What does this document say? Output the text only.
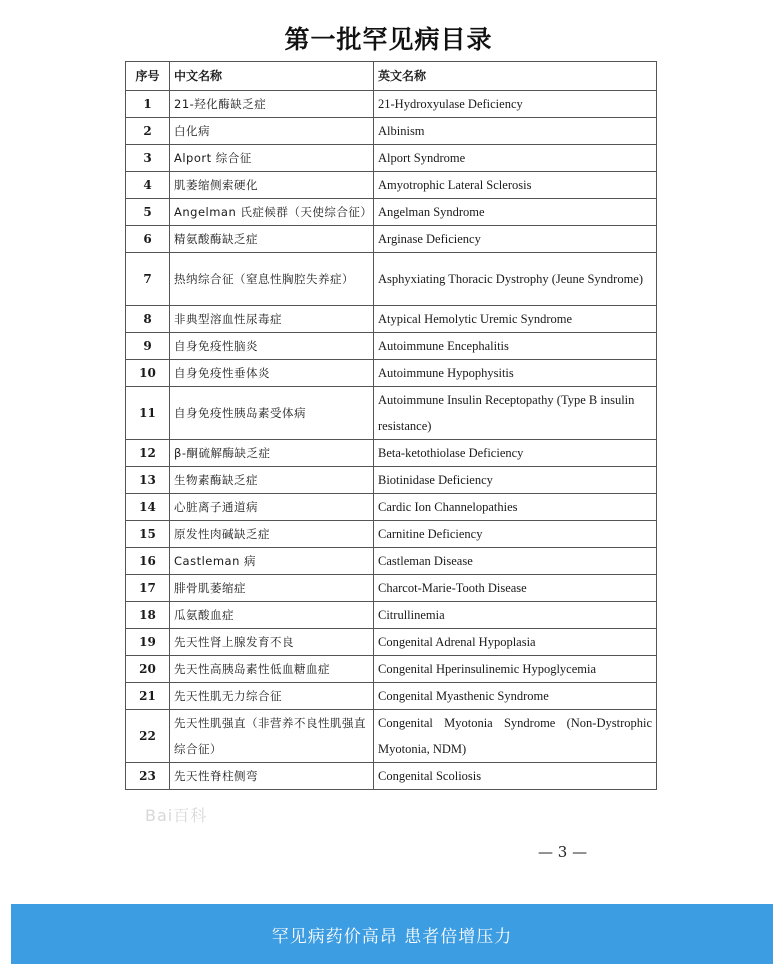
第一批罕见病目录
序号	中文名称	英文名称
1	21-羟化酶缺乏症	21-Hydroxyulase Deficiency
2	白化病	Albinism
3	Alport 综合征	Alport Syndrome
4	肌萎缩侧索硬化	Amyotrophic Lateral Sclerosis
5	Angelman 氏症候群（天使综合征）	Angelman Syndrome
6	精氨酸酶缺乏症	Arginase Deficiency
7	热纳综合征（窒息性胸腔失养症）	Asphyxiating Thoracic Dystrophy (Jeune Syndrome)
8	非典型溶血性尿毒症	Atypical Hemolytic Uremic Syndrome
9	自身免疫性脑炎	Autoimmune Encephalitis
10	自身免疫性垂体炎	Autoimmune Hypophysitis
11	自身免疫性胰岛素受体病	Autoimmune Insulin Receptopathy (Type B insulin resistance)
12	β-酮硫解酶缺乏症	Beta-ketothiolase Deficiency
13	生物素酶缺乏症	Biotinidase Deficiency
14	心脏离子通道病	Cardic Ion Channelopathies
15	原发性肉碱缺乏症	Carnitine Deficiency
16	Castleman 病	Castleman Disease
17	腓骨肌萎缩症	Charcot-Marie-Tooth Disease
18	瓜氨酸血症	Citrullinemia
19	先天性肾上腺发育不良	Congenital Adrenal Hypoplasia
20	先天性高胰岛素性低血糖血症	Congenital Hperinsulinemic Hypoglycemia
21	先天性肌无力综合征	Congenital Myasthenic Syndrome
22	先天性肌强直（非营养不良性肌强直综合征）	Congenital Myotonia Syndrome (Non-Dystrophic Myotonia, NDM)
23	先天性脊柱侧弯	Congenital Scoliosis
Bai百科
— 3 —
罕见病药价高昂 患者倍增压力
